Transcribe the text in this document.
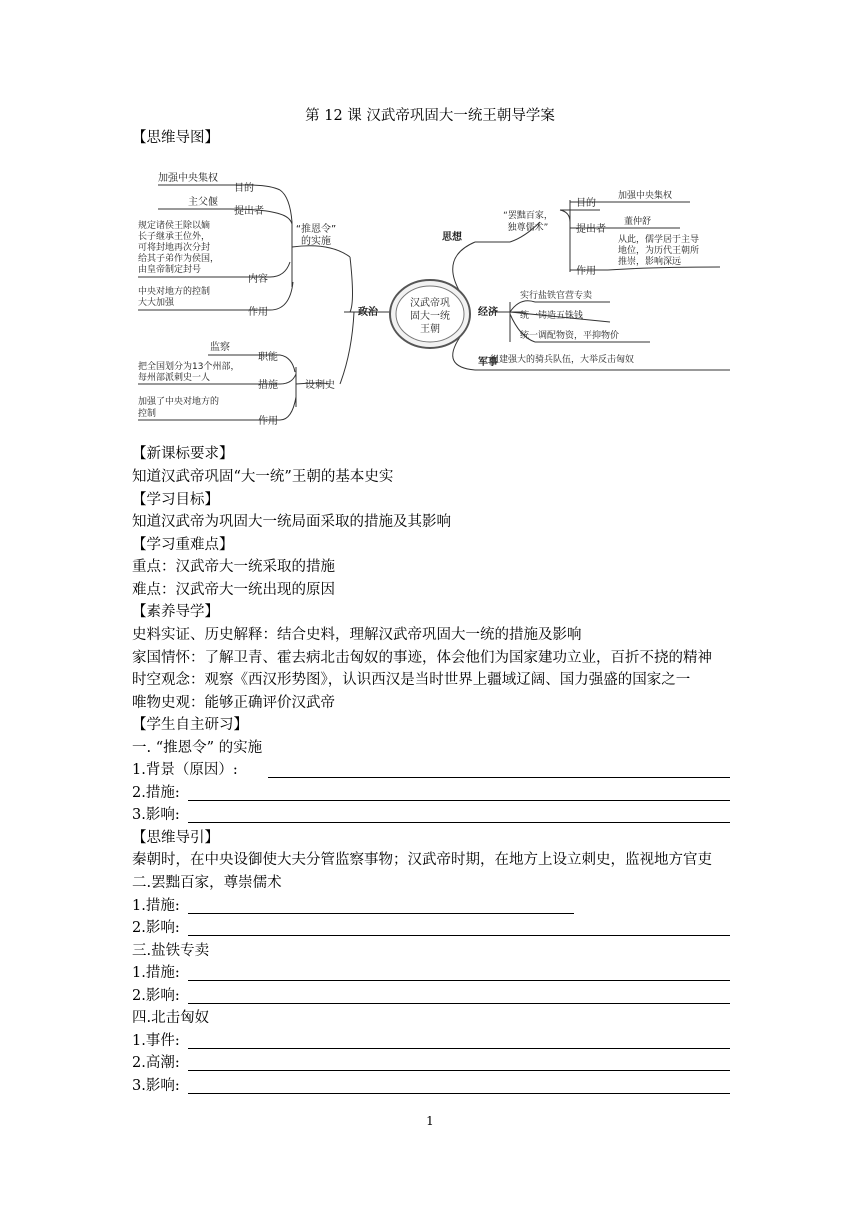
第 12 课 汉武帝巩固大一统王朝导学案
【思维导图】
汉武帝巩
固大一统
王朝
政治	经济
军事
思想
“推恩令”
的实施
加强中央集权
目的
主父偃
提出者
规定诸侯王除以嫡
长子继承王位外，
可将封地再次分封
给其子弟作为侯国，
由皇帝制定封号
内容
中央对地方的控制
大大加强
作用
设刺史
监察
职能
把全国划分为13个州部，
每州部派刺史一人
措施
加强了中央对地方的
控制
作用
“罢黜百家，
独尊儒术”
目的
加强中央集权
提出者
董仲舒
从此，儒学居于主导
地位，为历代王朝所
推崇，影响深远
作用
实行盐铁官营专卖
统一铸造五铢钱
统一调配物资，平抑物价
组建强大的骑兵队伍，大举反击匈奴
【新课标要求】
知道汉武帝巩固“大一统”王朝的基本史实
【学习目标】
知道汉武帝为巩固大一统局面采取的措施及其影响
【学习重难点】
重点：汉武帝大一统采取的措施
难点：汉武帝大一统出现的原因
【素养导学】
史料实证、历史解释：结合史料，理解汉武帝巩固大一统的措施及影响
家国情怀：了解卫青、霍去病北击匈奴的事迹，体会他们为国家建功立业，百折不挠的精神
时空观念：观察《西汉形势图》，认识西汉是当时世界上疆域辽阔、国力强盛的国家之一
唯物史观：能够正确评价汉武帝
【学生自主研习】
一. “推恩令” 的实施
1.背景（原因）:
2.措施:
3.影响:
【思维导引】
秦朝时，在中央设御使大夫分管监察事物；汉武帝时期，在地方上设立刺史，监视地方官吏
二.罢黜百家，尊崇儒术
1.措施:
2.影响:
三.盐铁专卖
1.措施:
2.影响:
四.北击匈奴
1.事件:
2.高潮:
3.影响:
1
